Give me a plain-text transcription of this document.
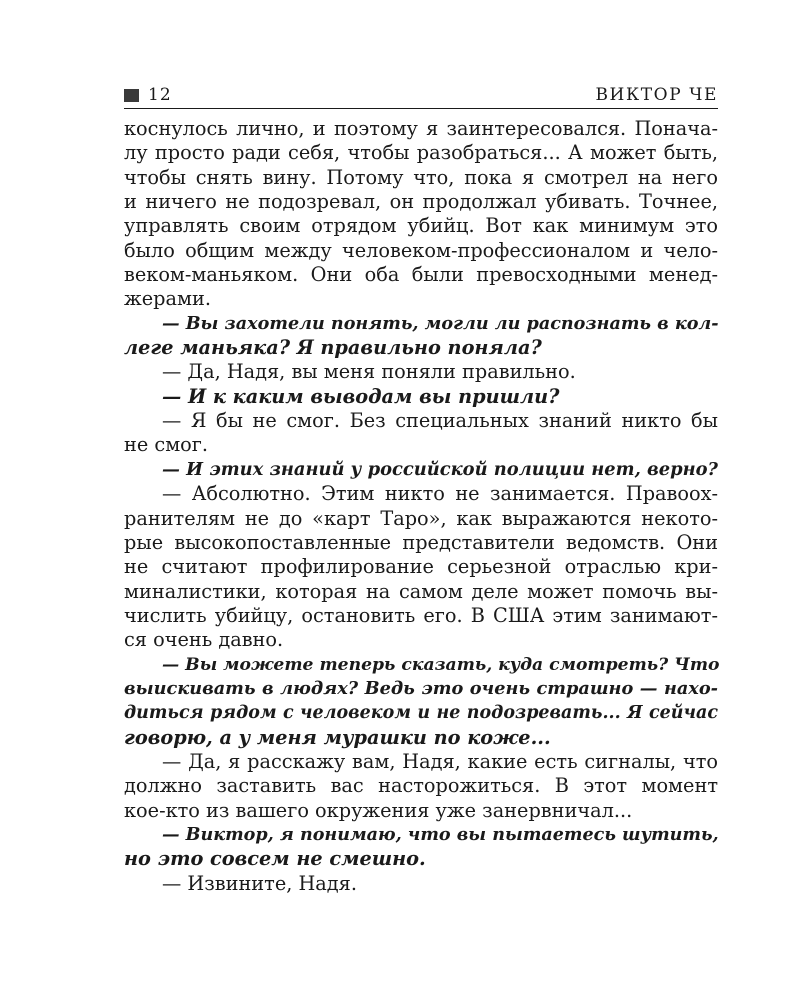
12	ВИКТОР ЧЕ
коснулось лично, и поэтому я заинтересовался. Понача-
лу просто ради себя, чтобы разобраться... А может быть,
чтобы снять вину. Потому что, пока я смотрел на него
и ничего не подозревал, он продолжал убивать. Точнее,
управлять своим отрядом убийц. Вот как минимум это
было общим между человеком-профессионалом и чело-
веком-маньяком. Они оба были превосходными менед-
жерами.
— Вы захотели понять, могли ли распознать в кол-
леге маньяка? Я правильно поняла?
— Да, Надя, вы меня поняли правильно.
— И к каким выводам вы пришли?
— Я бы не смог. Без специальных знаний никто бы
не смог.
— И этих знаний у российской полиции нет, верно?
— Абсолютно. Этим никто не занимается. Правоох-
ранителям не до «карт Таро», как выражаются некото-
рые высокопоставленные представители ведомств. Они
не считают профилирование серьезной отраслью кри-
миналистики, которая на самом деле может помочь вы-
числить убийцу, остановить его. В США этим занимают-
ся очень давно.
— Вы можете теперь сказать, куда смотреть? Что
выискивать в людях? Ведь это очень страшно — нахо-
диться рядом с человеком и не подозревать... Я сейчас
говорю, а у меня мурашки по коже...
— Да, я расскажу вам, Надя, какие есть сигналы, что
должно заставить вас насторожиться. В этот момент
кое-кто из вашего окружения уже занервничал...
— Виктор, я понимаю, что вы пытаетесь шутить,
но это совсем не смешно.
— Извините, Надя.
